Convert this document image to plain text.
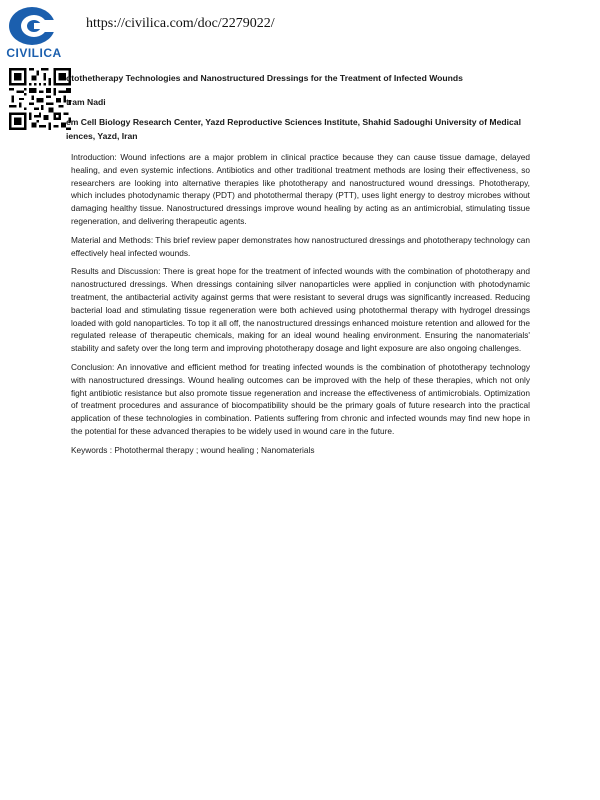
CIVILICA
https://civilica.com/doc/2279022/
otothetherapy Technologies and Nanostructured Dressings for the Treatment of Infected Wounds
tram Nadi
em Cell Biology Research Center, Yazd Reproductive Sciences Institute, Shahid Sadoughi University of Medical iences, Yazd, Iran

Introduction: Wound infections are a major problem in clinical practice because they can cause tissue damage, delayed healing, and even systemic infections. Antibiotics and other traditional treatment methods are losing their effectiveness, so researchers are looking into alternative therapies like phototherapy and nanostructured wound dressings. Phototherapy, which includes photodynamic therapy (PDT) and photothermal therapy (PTT), uses light energy to destroy microbes without damaging healthy tissue. Nanostructured dressings improve wound healing by acting as an antimicrobial, stimulating tissue regeneration, and delivering therapeutic agents.

Material and Methods: This brief review paper demonstrates how nanostructured dressings and phototherapy technology can effectively heal infected wounds.

Results and Discussion: There is great hope for the treatment of infected wounds with the combination of phototherapy and nanostructured dressings. When dressings containing silver nanoparticles were applied in conjunction with photodynamic treatment, the antibacterial activity against germs that were resistant to several drugs was significantly increased. Reducing bacterial load and stimulating tissue regeneration were both achieved using photothermal therapy with hydrogel dressings loaded with gold nanoparticles. To top it all off, the nanostructured dressings enhanced moisture retention and allowed for the regulated release of therapeutic chemicals, making for an ideal wound healing environment. Ensuring the nanomaterials' stability and safety over the long term and improving phototherapy dosage and light exposure are also ongoing challenges.

Conclusion: An innovative and efficient method for treating infected wounds is the combination of phototherapy technology with nanostructured dressings. Wound healing outcomes can be improved with the help of these therapies, which not only fight antibiotic resistance but also promote tissue regeneration and increase the effectiveness of antimicrobials. Optimization of treatment procedures and assurance of biocompatibility should be the primary goals of future research into the practical application of these technologies in combination. Patients suffering from chronic and infected wounds may find new hope in the potential for these advanced therapies to be widely used in wound care in the future.

Keywords : Photothermal therapy ; wound healing ; Nanomaterials
